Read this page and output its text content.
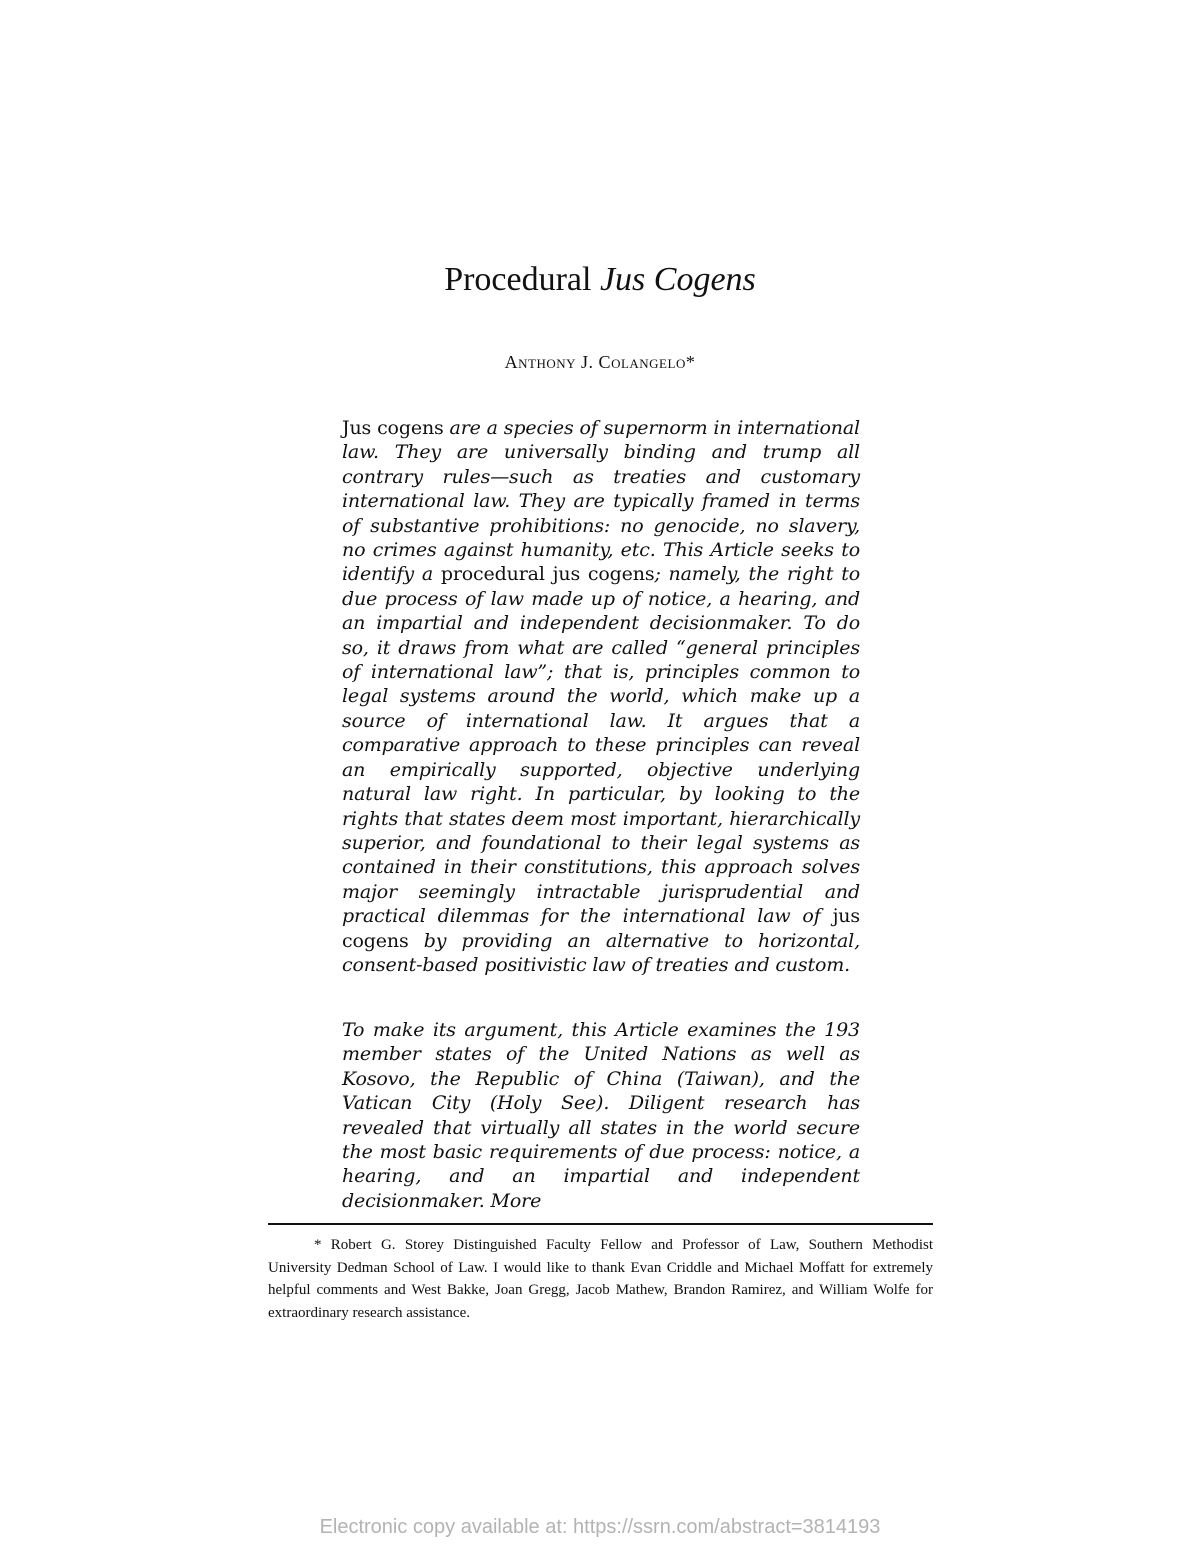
Procedural Jus Cogens

Anthony J. Colangelo*

Jus cogens are a species of supernorm in international law. They are universally binding and trump all contrary rules—such as treaties and customary international law. They are typically framed in terms of substantive prohibitions: no genocide, no slavery, no crimes against humanity, etc. This Article seeks to identify a procedural jus cogens; namely, the right to due process of law made up of notice, a hearing, and an impartial and independent decisionmaker. To do so, it draws from what are called “general principles of international law”; that is, principles common to legal systems around the world, which make up a source of international law. It argues that a comparative approach to these principles can reveal an empirically supported, objective underlying natural law right. In particular, by looking to the rights that states deem most important, hierarchically superior, and foundational to their legal systems as contained in their constitutions, this approach solves major seemingly intractable jurisprudential and practical dilemmas for the international law of jus cogens by providing an alternative to horizontal, consent-based positivistic law of treaties and custom.

To make its argument, this Article examines the 193 member states of the United Nations as well as Kosovo, the Republic of China (Taiwan), and the Vatican City (Holy See). Diligent research has revealed that virtually all states in the world secure the most basic requirements of due process: notice, a hearing, and an impartial and independent decisionmaker. More

* Robert G. Storey Distinguished Faculty Fellow and Professor of Law, Southern Methodist University Dedman School of Law. I would like to thank Evan Criddle and Michael Moffatt for extremely helpful comments and West Bakke, Joan Gregg, Jacob Mathew, Brandon Ramirez, and William Wolfe for extraordinary research assistance.

Electronic copy available at: https://ssrn.com/abstract=3814193
